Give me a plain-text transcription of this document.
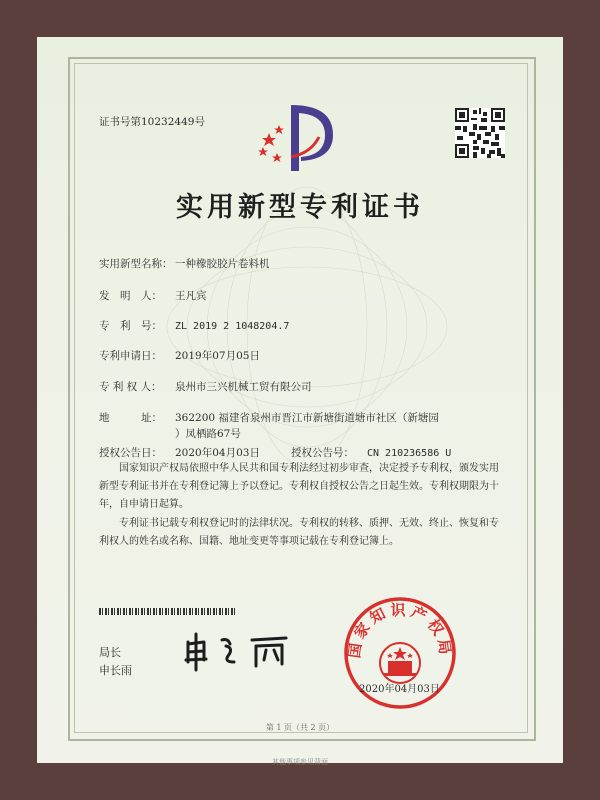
证书号第10232449号
实用新型专利证书
实用新型名称： 一种橡胶胶片卷料机
发　明　人： 王凡宾
专　利　号： ZL 2019 2 1048204.7
专利申请日： 2019年07月05日
专 利 权 人： 泉州市三兴机械工贸有限公司
地　　　址： 362200 福建省泉州市晋江市新塘街道塘市社区（新塘园
）凤栖路67号
授权公告日： 2020年04月03日	授权公告号： CN 210236586 U
国家知识产权局依照中华人民共和国专利法经过初步审查，决定授予专利权，颁发实用新型专利证书并在专利登记簿上予以登记。专利权自授权公告之日起生效。专利权期限为十年，自申请日起算。
专利证书记载专利权登记时的法律状况。专利权的转移、质押、无效、终止、恢复和专利权人的姓名或名称、国籍、地址变更等事项记载在专利登记簿上。
局长
申长雨
国家知识产权局
2020年04月03日
第 1 页（共 2 页）
其他事项参见背面
